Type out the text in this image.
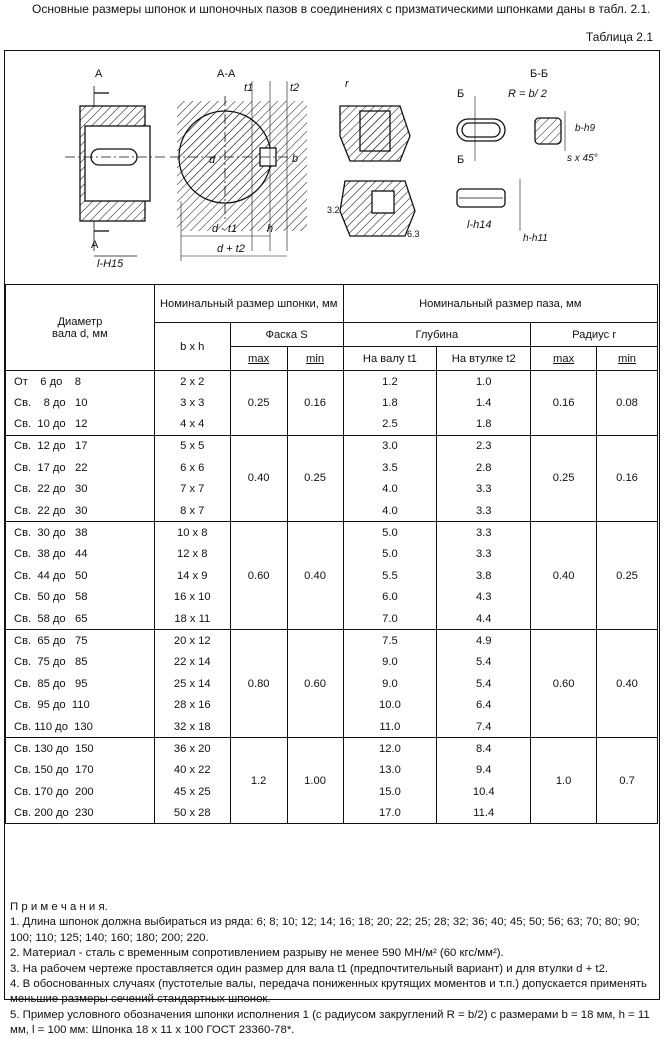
Основные размеры шпонок и шпоночных пазов в соединениях с призматическими шпонками даны в табл. 2.1.
Таблица 2.1
А
А
l-H15
А-А
t1	t2
b
d
d - t1	h
d + t2
r
3.2
6.3
Б-Б
Б
Б
R = b/ 2
b-h9
s x 45°
l-h14
h-h11
Диаметр
вала d, мм	Номинальный размер шпонки, мм			Номинальный размер паза, мм			
	b x h	Фаска S		Глубина		Радиус r	
		max	min	На валу t1	На втулке t2	max	min
От    6 до    8	2 x 2	0.25	0.16	1.2	1.0	0.16	0.08
Св.    8 до   10	3 x 3			1.8	1.4		
Св.  10 до   12	4 x 4			2.5	1.8		
Св.  12 до   17	5 x 5	0.40	0.25	3.0	2.3	0.25	0.16
Св.  17 до   22	6 x 6			3.5	2.8		
Св.  22 до   30	7 x 7			4.0	3.3		
Св.  22 до   30	8 x 7			4.0	3.3		
Св.  30 до   38	10 x 8	0.60	0.40	5.0	3.3	0.40	0.25
Св.  38 до   44	12 x 8			5.0	3.3		
Св.  44 до   50	14 x 9			5.5	3.8		
Св.  50 до   58	16 x 10			6.0	4.3		
Св.  58 до   65	18 x 11			7.0	4.4		
Св.  65 до   75	20 x 12	0.80	0.60	7.5	4.9	0.60	0.40
Св.  75 до   85	22 x 14			9.0	5.4		
Св.  85 до   95	25 x 14			9.0	5.4		
Св.  95 до  110	28 x 16			10.0	6.4		
Св. 110 до  130	32 x 18			11.0	7.4		
Св. 130 до  150	36 x 20	1.2	1.00	12.0	8.4	1.0	0.7
Св. 150 до  170	40 x 22			13.0	9.4		
Св. 170 до  200	45 x 25			15.0	10.4		
Св. 200 до  230	50 x 28			17.0	11.4		
П р и м е ч а н и я.
1. Длина шпонок должна выбираться из ряда: 6; 8; 10; 12; 14; 16; 18; 20; 22; 25; 28; 32; 36; 40; 45; 50; 56; 63; 70; 80; 90; 100; 110; 125; 140; 160; 180; 200; 220.
2. Материал - сталь с временным сопротивлением разрыву не менее 590 МН/м² (60 кгс/мм²).
3. На рабочем чертеже проставляется один размер для вала t1 (предпочтительный вариант) и для втулки d + t2.
4. В обоснованных случаях (пустотелые валы, передача пониженных крутящих моментов и т.п.) допускается применять меньшие размеры сечений стандартных шпонок.
5. Пример условного обозначения шпонки исполнения 1 (с радиусом закруглений R = b/2) с размерами b = 18 мм, h = 11 мм, l = 100 мм: Шпонка 18 x 11 x 100 ГОСТ 23360-78*.
